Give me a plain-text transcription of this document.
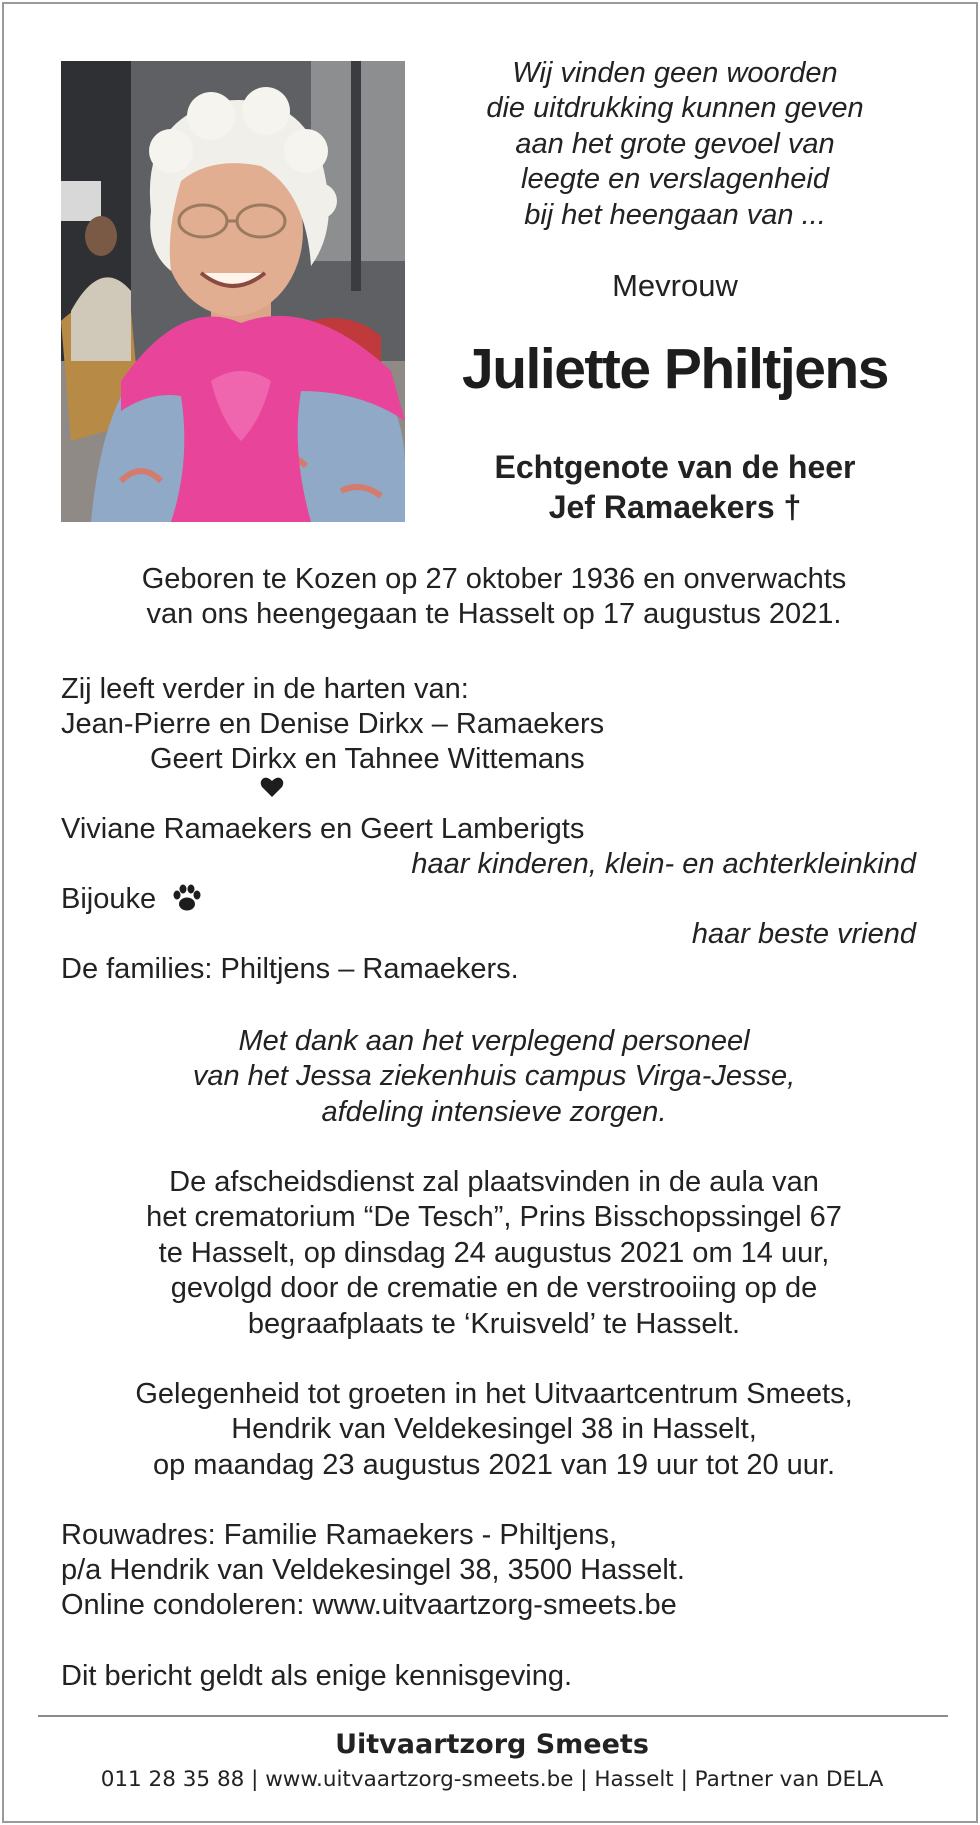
Wij vinden geen woorden
die uitdrukking kunnen geven
aan het grote gevoel van
leegte en verslagenheid
bij het heengaan van ...
Mevrouw
Juliette Philtjens
Echtgenote van de heer
Jef Ramaekers †
Geboren te Kozen op 27 oktober 1936 en onverwachts
van ons heengegaan te Hasselt op 17 augustus 2021.
Zij leeft verder in de harten van:
Jean-Pierre en Denise Dirkx – Ramaekers
Geert Dirkx en Tahnee Wittemans
Viviane Ramaekers en Geert Lamberigts
haar kinderen, klein- en achterkleinkind
Bijouke
haar beste vriend
De families: Philtjens – Ramaekers.
Met dank aan het verplegend personeel
van het Jessa ziekenhuis campus Virga-Jesse,
afdeling intensieve zorgen.
De afscheidsdienst zal plaatsvinden in de aula van
het crematorium “De Tesch”, Prins Bisschopssingel 67
te Hasselt, op dinsdag 24 augustus 2021 om 14 uur,
gevolgd door de crematie en de verstrooiing op de
begraafplaats te ‘Kruisveld’ te Hasselt.
Gelegenheid tot groeten in het Uitvaartcentrum Smeets,
Hendrik van Veldekesingel 38 in Hasselt,
op maandag 23 augustus 2021 van 19 uur tot 20 uur.
Rouwadres: Familie Ramaekers - Philtjens,
p/a Hendrik van Veldekesingel 38, 3500 Hasselt.
Online condoleren: www.uitvaartzorg-smeets.be
Dit bericht geldt als enige kennisgeving.
Uitvaartzorg Smeets
011 28 35 88 | www.uitvaartzorg-smeets.be | Hasselt | Partner van DELA
